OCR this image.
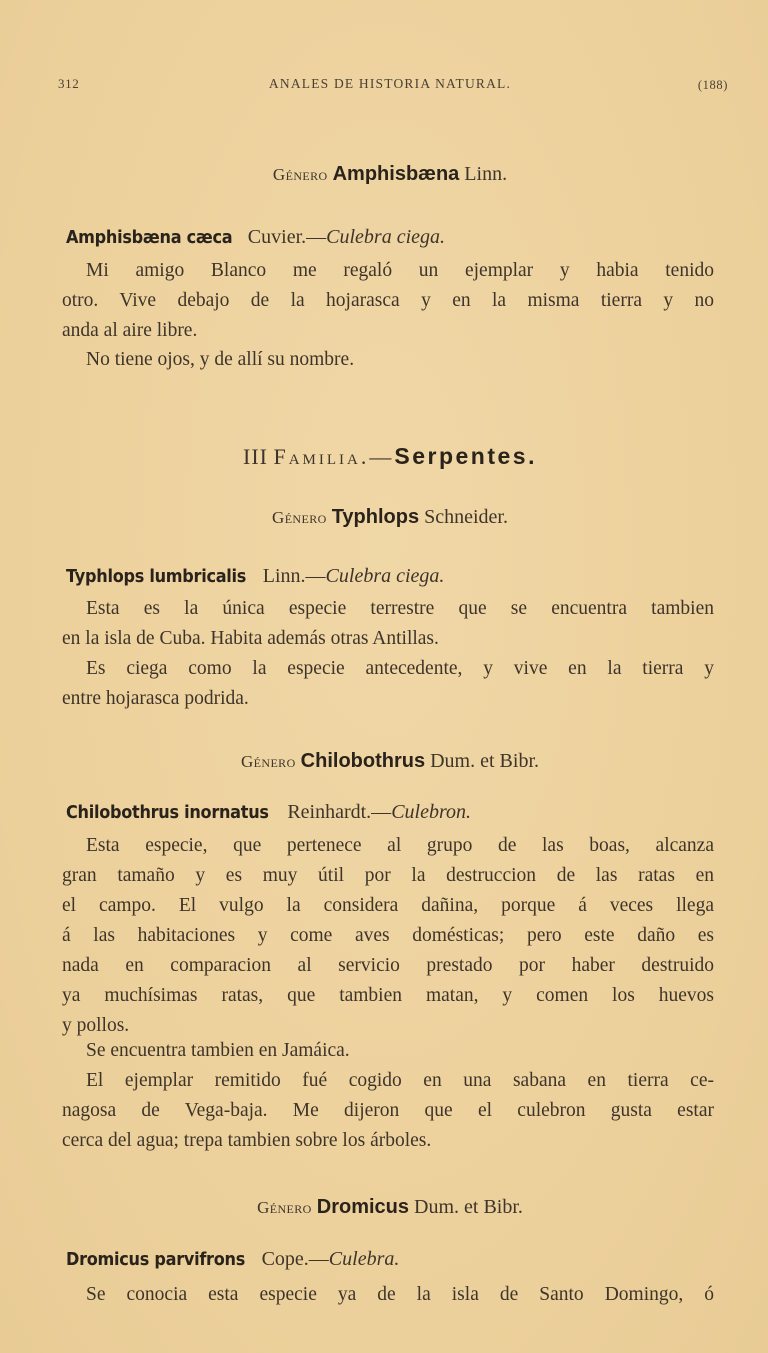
312	ANALES DE HISTORIA NATURAL.	(188)
Género Amphisbæna Linn.
Amphisbæna cæca Cuvier.—Culebra ciega.
Mi amigo Blanco me regaló un ejemplar y habia tenido
otro. Vive debajo de la hojarasca y en la misma tierra y no
anda al aire libre.
No tiene ojos, y de allí su nombre.
III Familia.—Serpentes.
Género Typhlops Schneider.
Typhlops lumbricalis Linn.—Culebra ciega.
Esta es la única especie terrestre que se encuentra tambien
en la isla de Cuba. Habita además otras Antillas.
Es ciega como la especie antecedente, y vive en la tierra y
entre hojarasca podrida.
Género Chilobothrus Dum. et Bibr.
Chilobothrus inornatus Reinhardt.—Culebron.
Esta especie, que pertenece al grupo de las boas, alcanza
gran tamaño y es muy útil por la destruccion de las ratas en
el campo. El vulgo la considera dañina, porque á veces llega
á las habitaciones y come aves domésticas; pero este daño es
nada en comparacion al servicio prestado por haber destruido
ya muchísimas ratas, que tambien matan, y comen los huevos
y pollos.
Se encuentra tambien en Jamáica.
El ejemplar remitido fué cogido en una sabana en tierra ce-
nagosa de Vega-baja. Me dijeron que el culebron gusta estar
cerca del agua; trepa tambien sobre los árboles.
Género Dromicus Dum. et Bibr.
Dromicus parvifrons Cope.—Culebra.
Se conocia esta especie ya de la isla de Santo Domingo, ó
